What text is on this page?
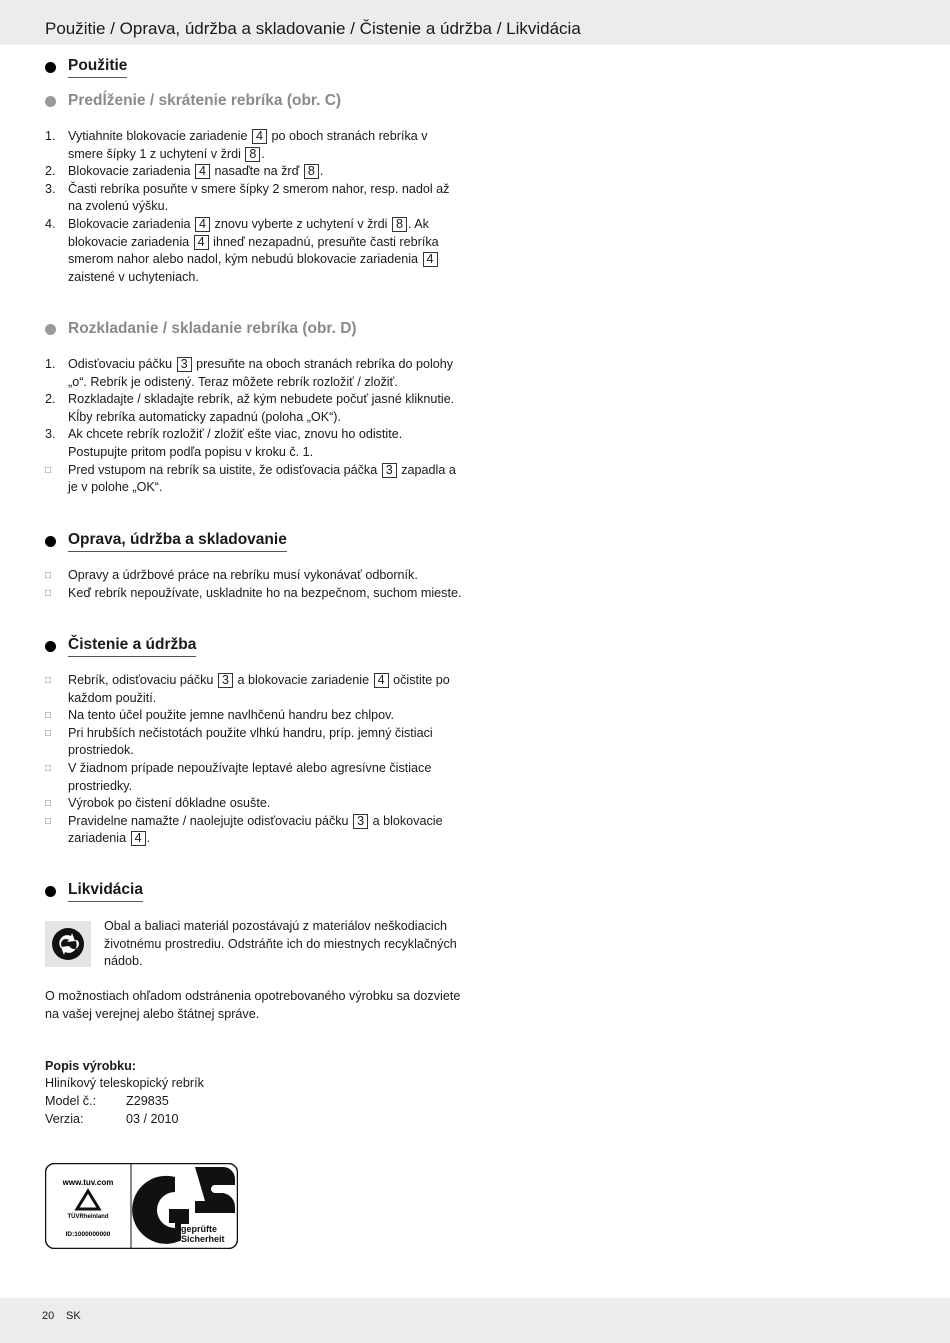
Použitie / Oprava, údržba a skladovanie / Čistenie a údržba / Likvidácia
Použitie
Predĺženie / skrátenie rebríka (obr. C)
1. Vytiahnite blokovacie zariadenie 4 po oboch stranách rebríka v smere šípky 1 z uchytení v žrdi 8 .
2. Blokovacie zariadenia 4 nasaďte na žrď 8 .
3. Časti rebríka posuňte v smere šípky 2 smerom nahor, resp. nadol až na zvolenú výšku.
4. Blokovacie zariadenia 4 znovu vyberte z uchytení v žrdi 8 . Ak blokovacie zariadenia 4 ihneď nezapadnú, presuňte časti rebríka smerom nahor alebo nadol, kým nebudú blokovacie zariadenia 4 zaistené v uchyteniach.
Rozkladanie / skladanie rebríka (obr. D)
1. Odisťovaciu páčku 3 presuňte na oboch stranách rebríka do polohy „o“. Rebrík je odistený. Teraz môžete rebrík rozložiť / zložiť.
2. Rozkladajte / skladajte rebrík, až kým nebudete počuť jasné kliknutie. Kĺby rebríka automaticky zapadnú (poloha „OK“).
3. Ak chcete rebrík rozložiť / zložiť ešte viac, znovu ho odistite. Postupujte pritom podľa popisu v kroku č. 1.
□	Pred vstupom na rebrík sa uistite, že odisťovacia páčka 3 zapadla a je v polohe „OK“.
Oprava, údržba a skladovanie
□	Opravy a údržbové práce na rebríku musí vykonávať odborník.
□	Keď rebrík nepoužívate, uskladnite ho na bezpečnom, suchom mieste.
Čistenie a údržba
□	Rebrík, odisťovaciu páčku 3 a blokovacie zariadenie 4 očistite po každom použití.
□	Na tento účel použite jemne navlhčenú handru bez chlpov.
□	Pri hrubších nečistotách použite vlhkú handru, príp. jemný čistiaci prostriedok.
□	V žiadnom prípade nepoužívajte leptavé alebo agresívne čistiace prostriedky.
□	Výrobok po čistení dôkladne osušte.
□	Pravidelne namažte / naolejujte odisťovaciu páčku 3 a blokovacie zariadenia 4 .
Likvidácia
Obal a baliaci materiál pozostávajú z materiálov neškodiacich životnému prostrediu. Odstráňte ich do miestnych recyklačných nádob.
O možnostiach ohľadom odstránenia opotrebovaného výrobku sa dozviete na vašej verejnej alebo štátnej správe.
Popis výrobku:
Hliníkový teleskopický rebrík
Model č.: Z29835
Verzia:	03 / 2010
www.tuv.com
TÜVRheinland
ID:1000000000
geprüfte Sicherheit
20 SK
